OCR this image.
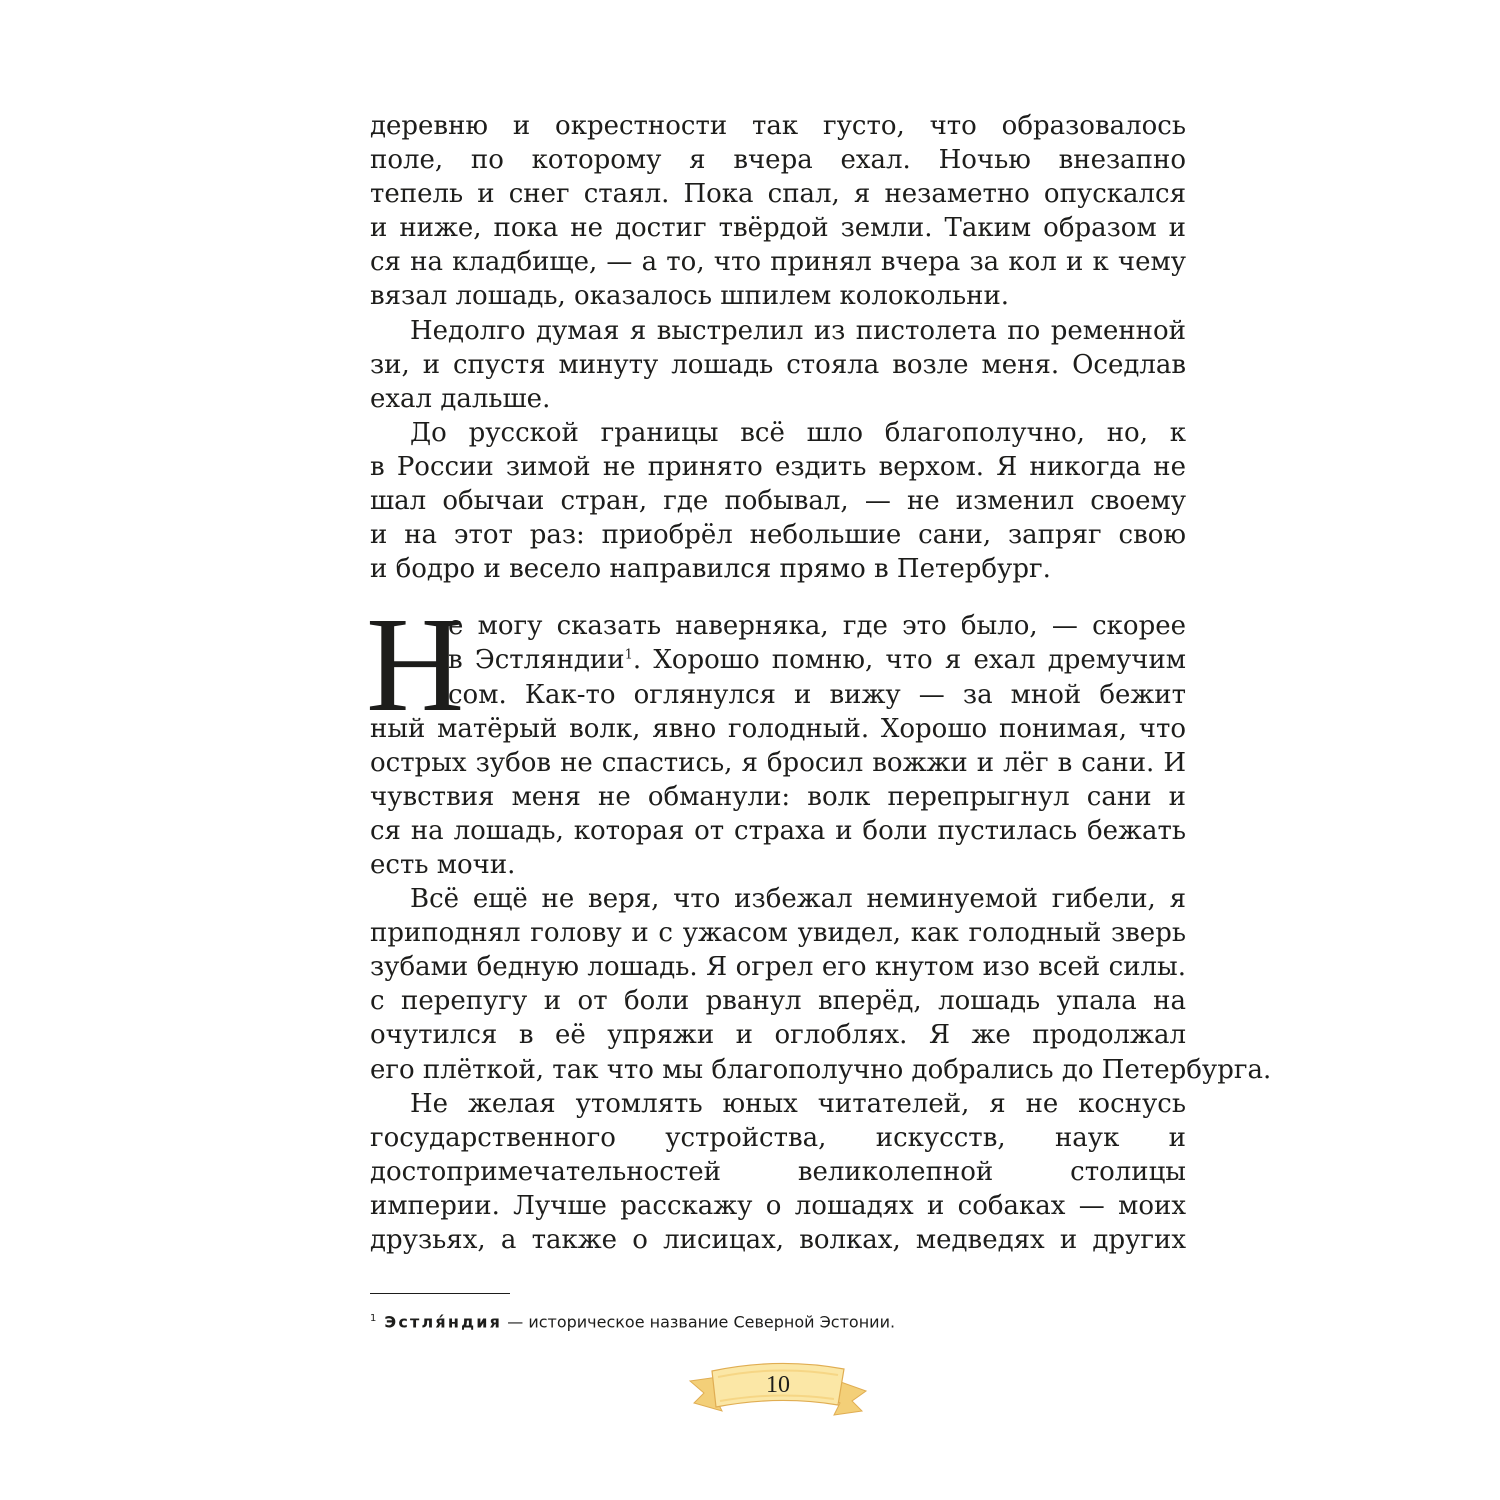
деревню и окрестности так густо, что образовалось
поле, по которому я вчера ехал. Ночью внезапно
тепель и снег стаял. Пока спал, я незаметно опускался
и ниже, пока не достиг твёрдой земли. Таким образом и
ся на кладбище, — а то, что принял вчера за кол и к чему
вязал лошадь, оказалось шпилем колокольни.
Недолго думая я выстрелил из пистолета по ременной
зи, и спустя минуту лошадь стояла возле меня. Оседлав
ехал дальше.
До русской границы всё шло благополучно, но, к
в России зимой не принято ездить верхом. Я никогда не
шал обычаи стран, где побывал, — не изменил своему
и на этот раз: приобрёл небольшие сани, запряг свою
и бодро и весело направился прямо в Петербург.
Н
е могу сказать наверняка, где это было, — скорее
в Эстляндии$^1$. Хорошо помню, что я ехал дремучим
сом. Как-то оглянулся и вижу — за мной бежит
ный матёрый волк, явно голодный. Хорошо понимая, что
острых зубов не спастись, я бросил вожжи и лёг в сани. И
чувствия меня не обманули: волк перепрыгнул сани и
ся на лошадь, которая от страха и боли пустилась бежать
есть мочи.
Всё ещё не веря, что избежал неминуемой гибели, я
приподнял голову и с ужасом увидел, как голодный зверь
зубами бедную лошадь. Я огрел его кнутом изо всей силы.
с перепугу и от боли рванул вперёд, лошадь упала на
очутился в её упряжи и оглоблях. Я же продолжал
его плёткой, так что мы благополучно добрались до Петербурга.
Не желая утомлять юных читателей, я не коснусь
государственного устройства, искусств, наук и
достопримечательностей великолепной столицы
империи. Лучше расскажу о лошадях и собаках — моих
друзьях, а также о лисицах, волках, медведях и других
$^1$ Эстля́ндия — историческое название Северной Эстонии.
10
